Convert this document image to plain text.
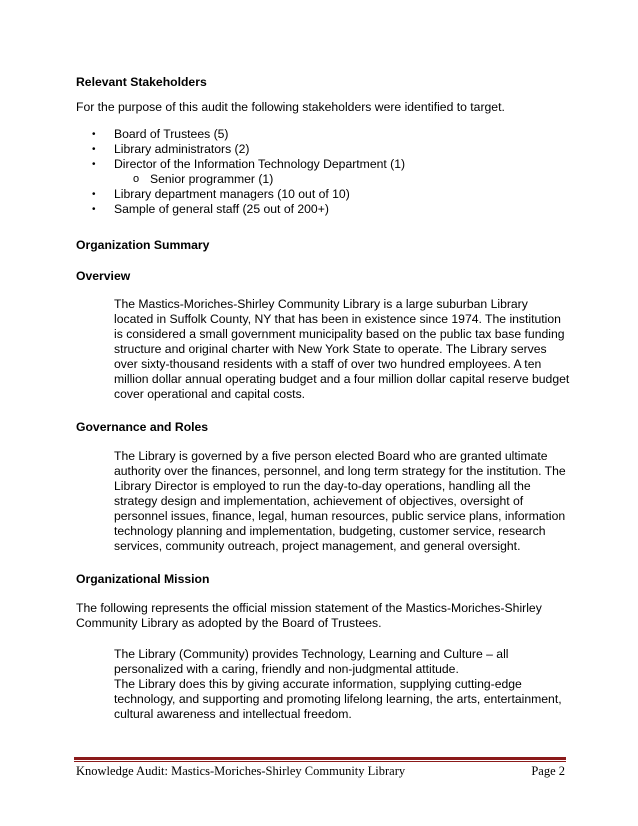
Relevant Stakeholders

For the purpose of this audit the following stakeholders were identified to target.

• Board of Trustees (5)
• Library administrators (2)
• Director of the Information Technology Department (1)
o Senior programmer (1)
• Library department managers (10 out of 10)
• Sample of general staff (25 out of 200+)

Organization Summary

Overview

The Mastics-Moriches-Shirley Community Library is a large suburban Library located in Suffolk County, NY that has been in existence since 1974. The institution is considered a small government municipality based on the public tax base funding structure and original charter with New York State to operate. The Library serves over sixty-thousand residents with a staff of over two hundred employees. A ten million dollar annual operating budget and a four million dollar capital reserve budget cover operational and capital costs.

Governance and Roles

The Library is governed by a five person elected Board who are granted ultimate authority over the finances, personnel, and long term strategy for the institution. The Library Director is employed to run the day-to-day operations, handling all the strategy design and implementation, achievement of objectives, oversight of personnel issues, finance, legal, human resources, public service plans, information technology planning and implementation, budgeting, customer service, research services, community outreach, project management, and general oversight.

Organizational Mission

The following represents the official mission statement of the Mastics-Moriches-Shirley Community Library as adopted by the Board of Trustees.

The Library (Community) provides Technology, Learning and Culture – all personalized with a caring, friendly and non-judgmental attitude.

The Library does this by giving accurate information, supplying cutting-edge technology, and supporting and promoting lifelong learning, the arts, entertainment, cultural awareness and intellectual freedom.

Knowledge Audit: Mastics-Moriches-Shirley Community Library	Page 2
